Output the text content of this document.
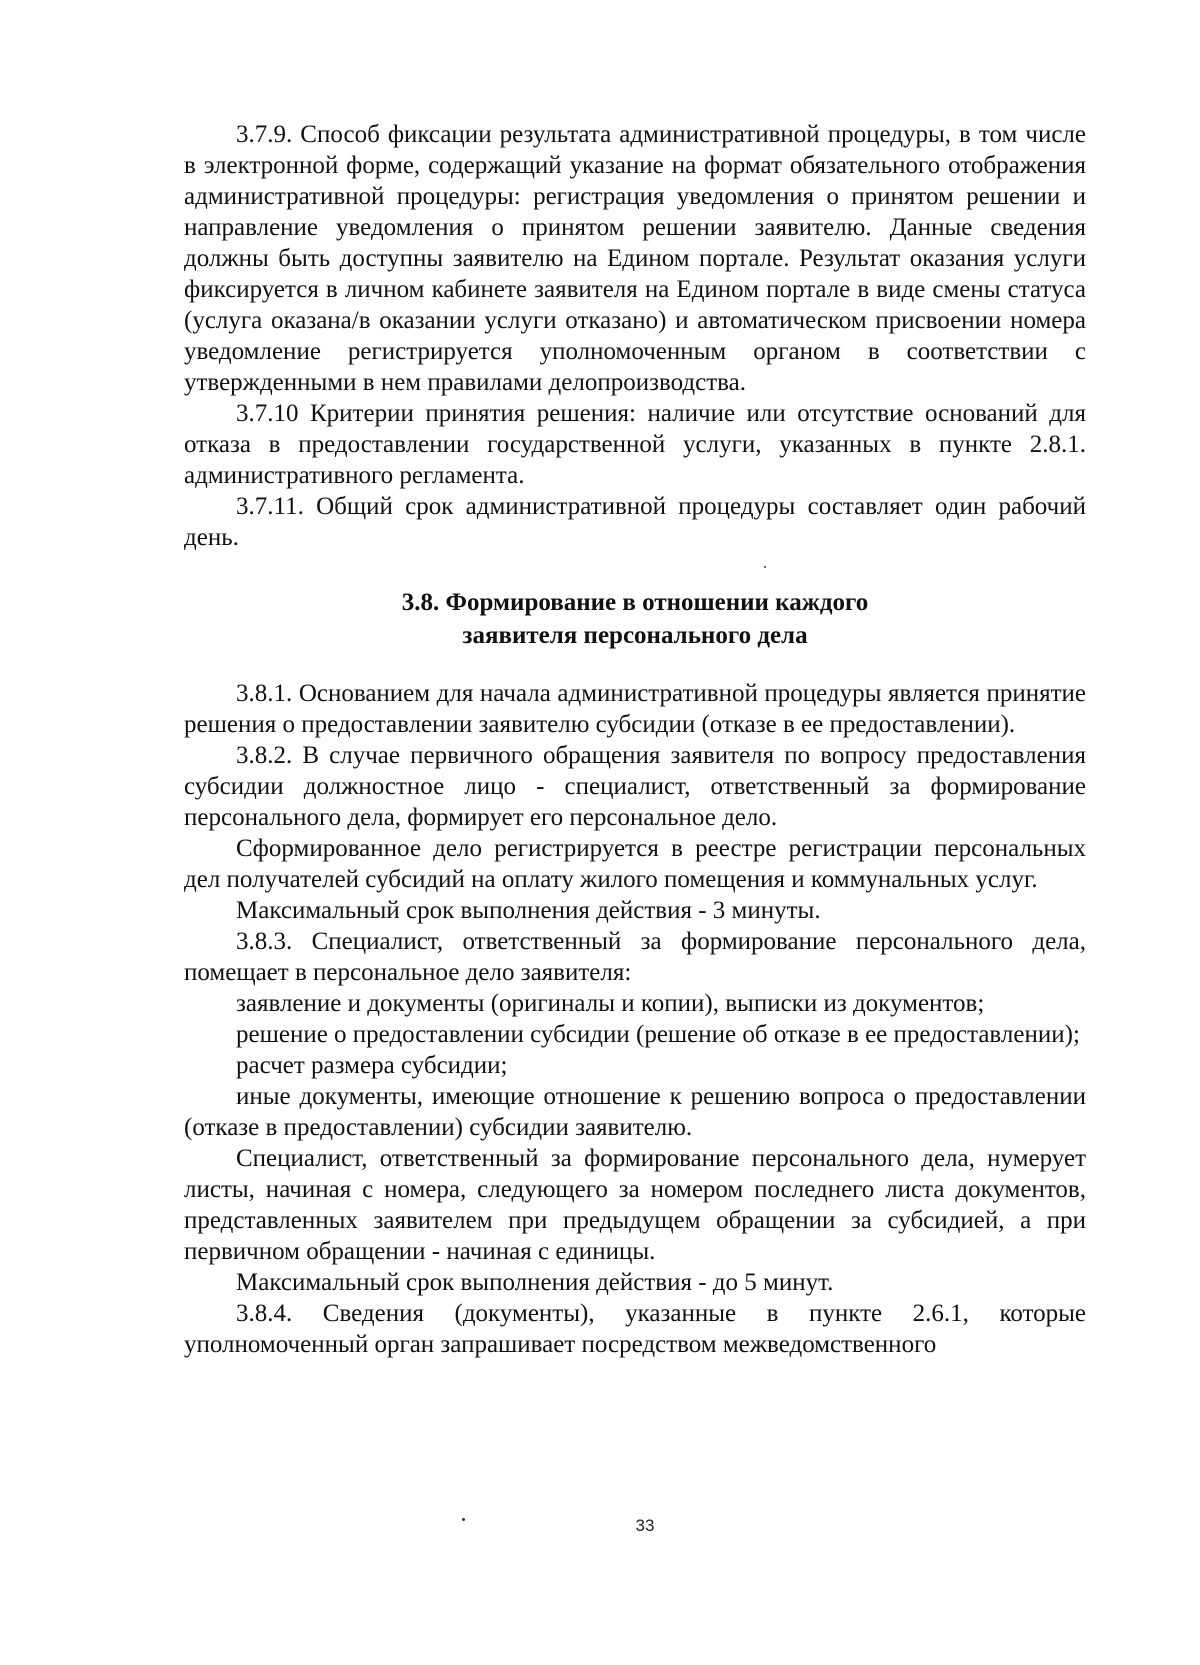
3.7.9. Способ фиксации результата административной процедуры, в том числе в электронной форме, содержащий указание на формат обязательного отображения административной процедуры: регистрация уведомления о принятом решении и направление уведомления о принятом решении заявителю. Данные сведения должны быть доступны заявителю на Едином портале. Результат оказания услуги фиксируется в личном кабинете заявителя на Едином портале в виде смены статуса (услуга оказана/в оказании услуги отказано) и автоматическом присвоении номера уведомление регистрируется уполномоченным органом в соответствии с утвержденными в нем правилами делопроизводства.

3.7.10 Критерии принятия решения: наличие или отсутствие оснований для отказа в предоставлении государственной услуги, указанных в пункте 2.8.1. административного регламента.

3.7.11. Общий срок административной процедуры составляет один рабочий день.

3.8. Формирование в отношении каждого
заявителя персонального дела

3.8.1. Основанием для начала административной процедуры является принятие решения о предоставлении заявителю субсидии (отказе в ее предоставлении).

3.8.2. В случае первичного обращения заявителя по вопросу предоставления субсидии должностное лицо - специалист, ответственный за формирование персонального дела, формирует его персональное дело.

Сформированное дело регистрируется в реестре регистрации персональных дел получателей субсидий на оплату жилого помещения и коммунальных услуг.

Максимальный срок выполнения действия - 3 минуты.

3.8.3. Специалист, ответственный за формирование персонального дела, помещает в персональное дело заявителя:

заявление и документы (оригиналы и копии), выписки из документов;

решение о предоставлении субсидии (решение об отказе в ее предоставлении);

расчет размера субсидии;

иные документы, имеющие отношение к решению вопроса о предоставлении (отказе в предоставлении) субсидии заявителю.

Специалист, ответственный за формирование персонального дела, нумерует листы, начиная с номера, следующего за номером последнего листа документов, представленных заявителем при предыдущем обращении за субсидией, а при первичном обращении - начиная с единицы.

Максимальный срок выполнения действия - до 5 минут.

3.8.4. Сведения (документы), указанные в пункте 2.6.1, которые уполномоченный орган запрашивает посредством межведомственного

33
